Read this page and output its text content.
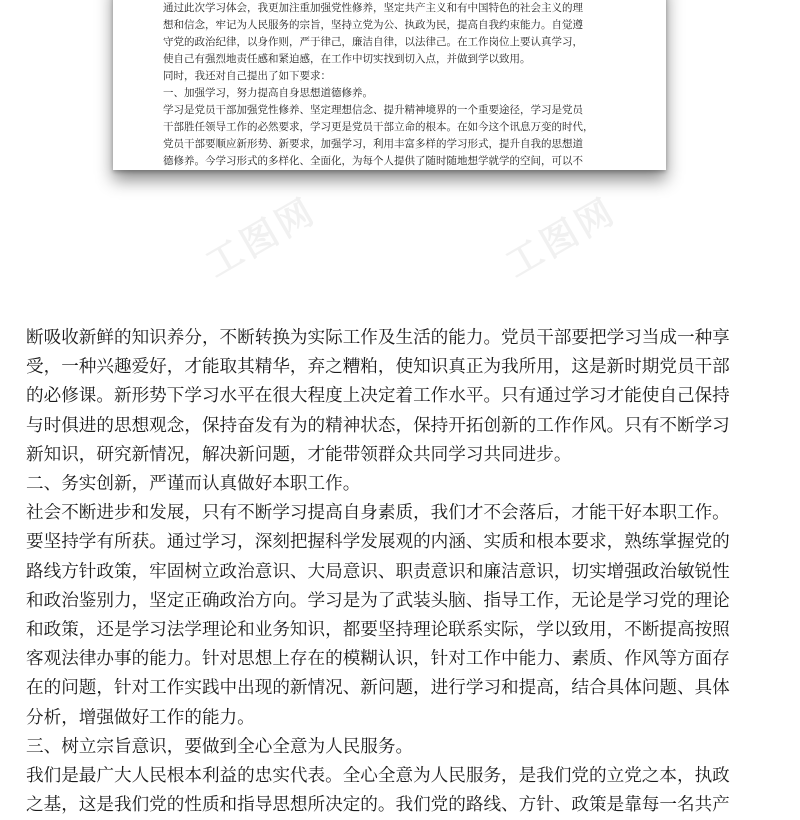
通过此次学习体会，我更加注重加强党性修养，坚定共产主义和有中国特色的社会主义的理
想和信念，牢记为人民服务的宗旨，坚持立党为公、执政为民，提高自我约束能力。自觉遵
守党的政治纪律，以身作则，严于律己，廉洁自律，以法律己。在工作岗位上要认真学习，
使自己有强烈地责任感和紧迫感，在工作中切实找到切入点，并做到学以致用。
同时，我还对自己提出了如下要求：
一、加强学习，努力提高自身思想道德修养。
学习是党员干部加强党性修养、坚定理想信念、提升精神境界的一个重要途径，学习是党员
干部胜任领导工作的必然要求，学习更是党员干部立命的根本。在如今这个讯息万变的时代，
党员干部要顺应新形势、新要求，加强学习，利用丰富多样的学习形式，提升自我的思想道
德修养。今学习形式的多样化、全面化，为每个人提供了随时随地想学就学的空间，可以不
工图网	工图网
断吸收新鲜的知识养分，不断转换为实际工作及生活的能力。党员干部要把学习当成一种享
受，一种兴趣爱好，才能取其精华，弃之糟粕，使知识真正为我所用，这是新时期党员干部
的必修课。新形势下学习水平在很大程度上决定着工作水平。只有通过学习才能使自己保持
与时俱进的思想观念，保持奋发有为的精神状态，保持开拓创新的工作作风。只有不断学习
新知识，研究新情况，解决新问题，才能带领群众共同学习共同进步。
二、务实创新，严谨而认真做好本职工作。
社会不断进步和发展，只有不断学习提高自身素质，我们才不会落后，才能干好本职工作。
要坚持学有所获。通过学习，深刻把握科学发展观的内涵、实质和根本要求，熟练掌握党的
路线方针政策，牢固树立政治意识、大局意识、职责意识和廉洁意识，切实增强政治敏锐性
和政治鉴别力，坚定正确政治方向。学习是为了武装头脑、指导工作，无论是学习党的理论
和政策，还是学习法学理论和业务知识，都要坚持理论联系实际，学以致用，不断提高按照
客观法律办事的能力。针对思想上存在的模糊认识，针对工作中能力、素质、作风等方面存
在的问题，针对工作实践中出现的新情况、新问题，进行学习和提高，结合具体问题、具体
分析，增强做好工作的能力。
三、树立宗旨意识，要做到全心全意为人民服务。
我们是最广大人民根本利益的忠实代表。全心全意为人民服务，是我们党的立党之本，执政
之基，这是我们党的性质和指导思想所决定的。我们党的路线、方针、政策是靠每一名共产
